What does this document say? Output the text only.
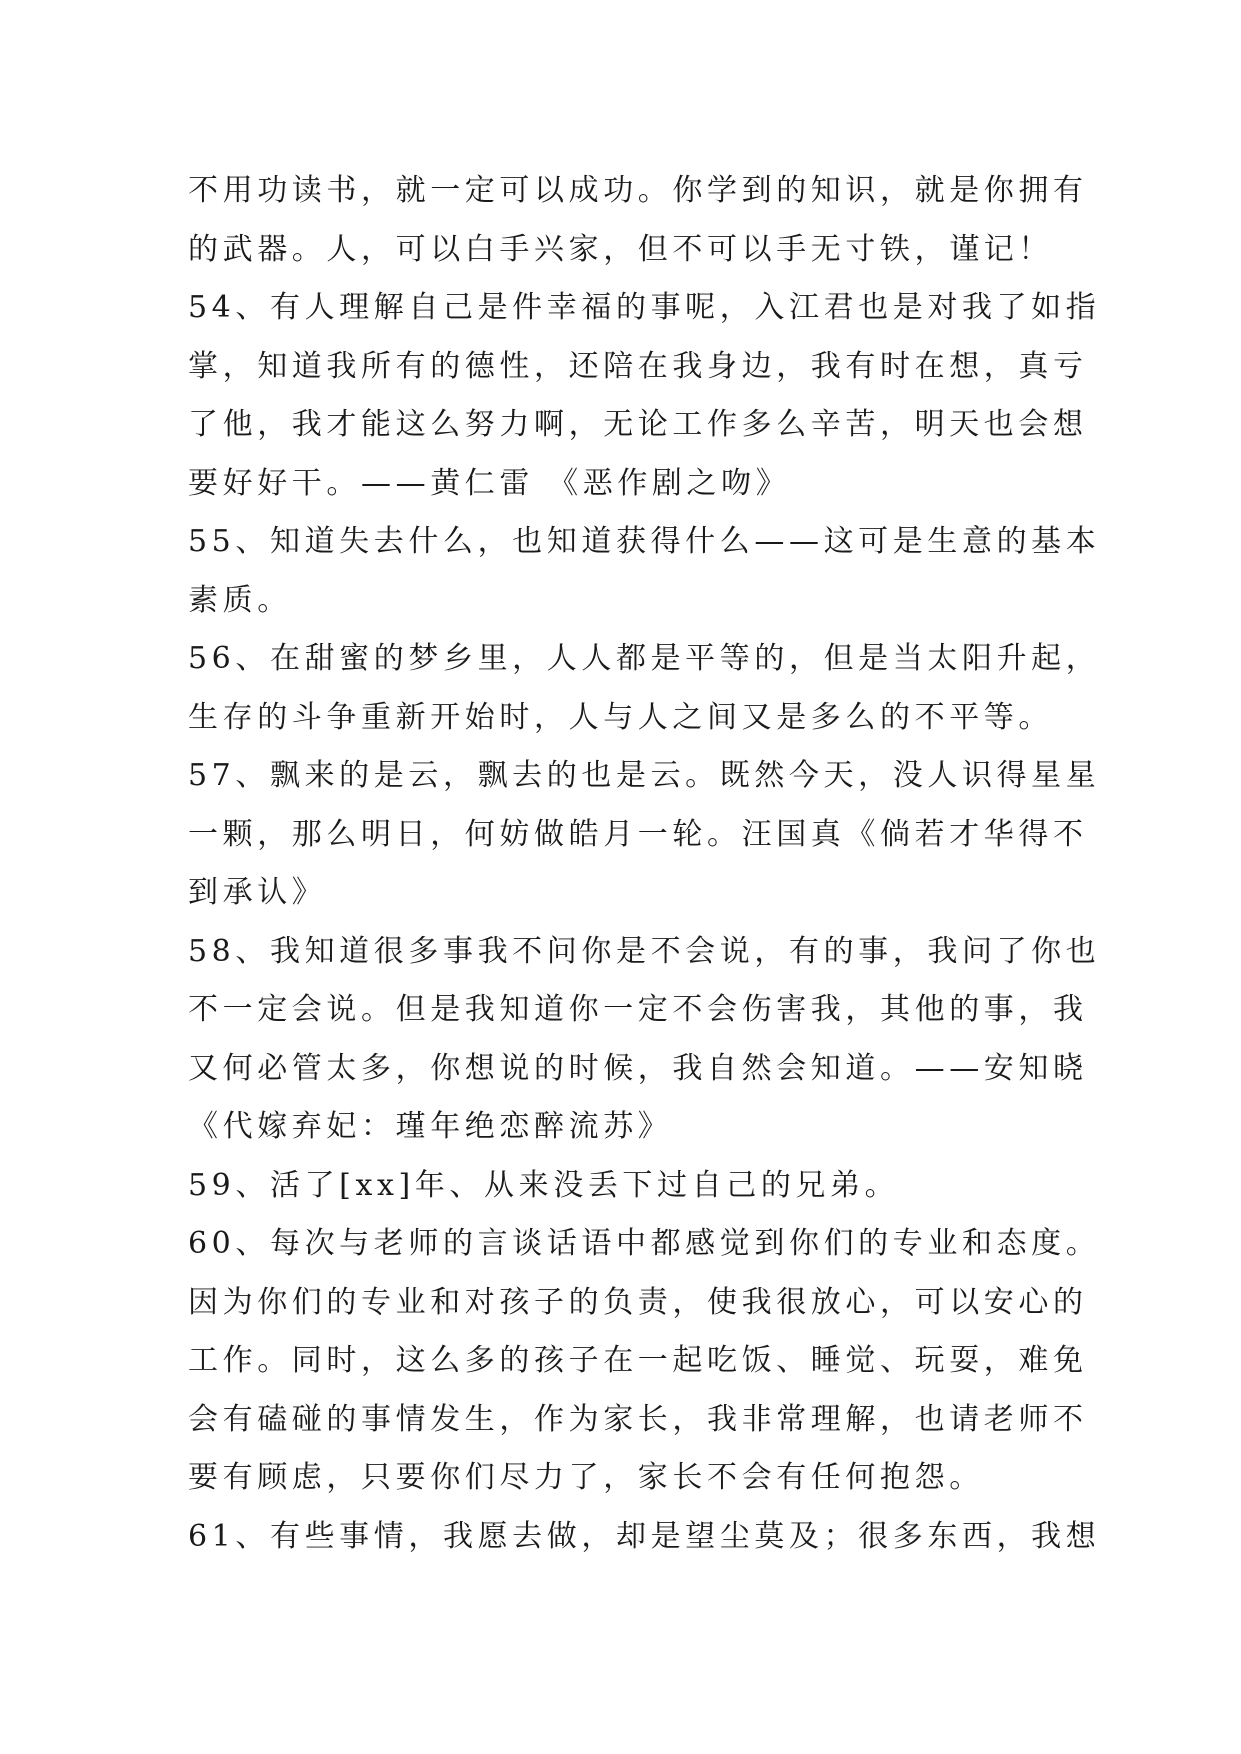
不用功读书，就一定可以成功。你学到的知识，就是你拥有
的武器。人，可以白手兴家，但不可以手无寸铁，谨记！
54、有人理解自己是件幸福的事呢，入江君也是对我了如指
掌，知道我所有的德性，还陪在我身边，我有时在想，真亏
了他，我才能这么努力啊，无论工作多么辛苦，明天也会想
要好好干。——黄仁雷 《恶作剧之吻》
55、知道失去什么，也知道获得什么——这可是生意的基本
素质。
56、在甜蜜的梦乡里，人人都是平等的，但是当太阳升起，
生存的斗争重新开始时，人与人之间又是多么的不平等。
57、飘来的是云，飘去的也是云。既然今天，没人识得星星
一颗，那么明日，何妨做皓月一轮。汪国真《倘若才华得不
到承认》
58、我知道很多事我不问你是不会说，有的事，我问了你也
不一定会说。但是我知道你一定不会伤害我，其他的事，我
又何必管太多，你想说的时候，我自然会知道。——安知晓
《代嫁弃妃：瑾年绝恋醉流苏》
59、活了[xx]年、从来没丢下过自己的兄弟。
60、每次与老师的言谈话语中都感觉到你们的专业和态度。
因为你们的专业和对孩子的负责，使我很放心，可以安心的
工作。同时，这么多的孩子在一起吃饭、睡觉、玩耍，难免
会有磕碰的事情发生，作为家长，我非常理解，也请老师不
要有顾虑，只要你们尽力了，家长不会有任何抱怨。
61、有些事情，我愿去做，却是望尘莫及；很多东西，我想
